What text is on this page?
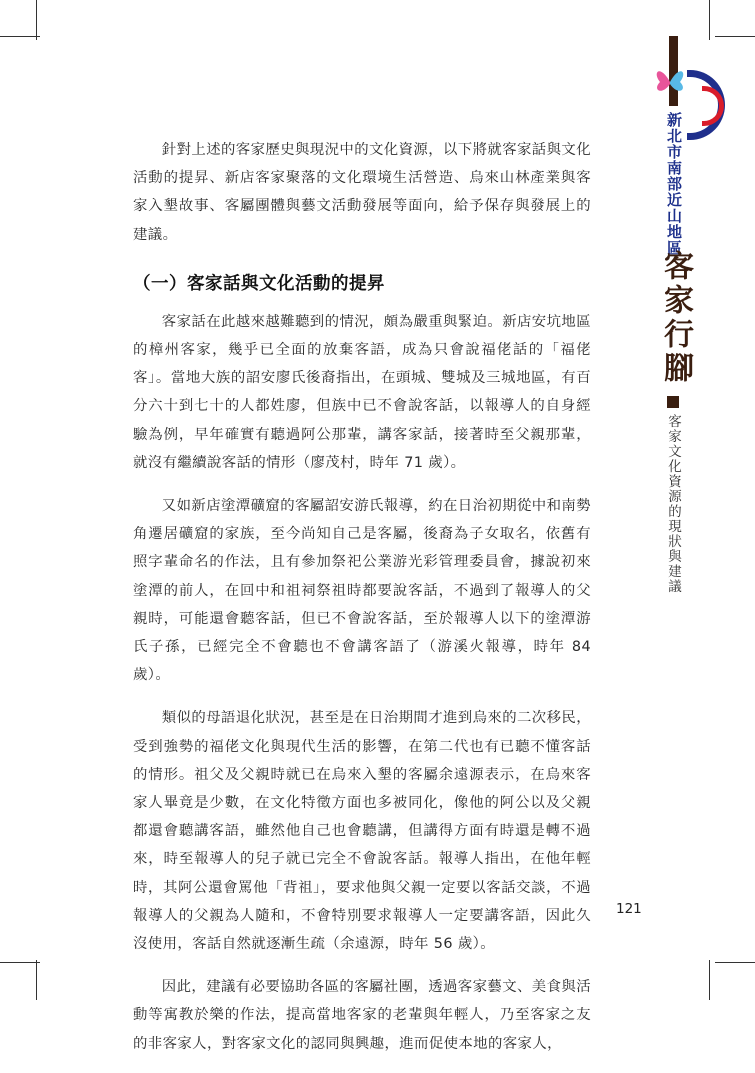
新北市南部近山地區
客家行腳
客家文化資源的現狀與建議

針對上述的客家歷史與現況中的文化資源，以下將就客家話與文化活動的提昇、新店客家聚落的文化環境生活營造、烏來山林產業與客家入墾故事、客屬團體與藝文活動發展等面向，給予保存與發展上的建議。

（一）客家話與文化活動的提昇

客家話在此越來越難聽到的情況，頗為嚴重與緊迫。新店安坑地區的樟州客家，幾乎已全面的放棄客語，成為只會說福佬話的「福佬客」。當地大族的詔安廖氏後裔指出，在頭城、雙城及三城地區，有百分六十到七十的人都姓廖，但族中已不會說客話，以報導人的自身經驗為例，早年確實有聽過阿公那輩，講客家話，接著時至父親那輩，就沒有繼續說客話的情形（廖茂村，時年 71 歲）。

又如新店塗潭礦窟的客屬詔安游氏報導，約在日治初期從中和南勢角遷居礦窟的家族，至今尚知自己是客屬，後裔為子女取名，依舊有照字輩命名的作法，且有參加祭祀公業游光彩管理委員會，據說初來塗潭的前人，在回中和祖祠祭祖時都要說客話，不過到了報導人的父親時，可能還會聽客話，但已不會說客話，至於報導人以下的塗潭游氏子孫，已經完全不會聽也不會講客語了（游溪火報導，時年 84 歲）。

類似的母語退化狀況，甚至是在日治期間才進到烏來的二次移民，受到強勢的福佬文化與現代生活的影響，在第二代也有已聽不懂客話的情形。祖父及父親時就已在烏來入墾的客屬余遠源表示，在烏來客家人畢竟是少數，在文化特徵方面也多被同化，像他的阿公以及父親都還會聽講客語，雖然他自己也會聽講，但講得方面有時還是轉不過來，時至報導人的兒子就已完全不會說客話。報導人指出，在他年輕時，其阿公還會罵他「背祖」，要求他與父親一定要以客話交談，不過報導人的父親為人隨和，不會特別要求報導人一定要講客語，因此久沒使用，客話自然就逐漸生疏（余遠源，時年 56 歲）。

因此，建議有必要協助各區的客屬社團，透過客家藝文、美食與活動等寓教於樂的作法，提高當地客家的老輩與年輕人，乃至客家之友的非客家人，對客家文化的認同與興趣，進而促使本地的客家人，

121
